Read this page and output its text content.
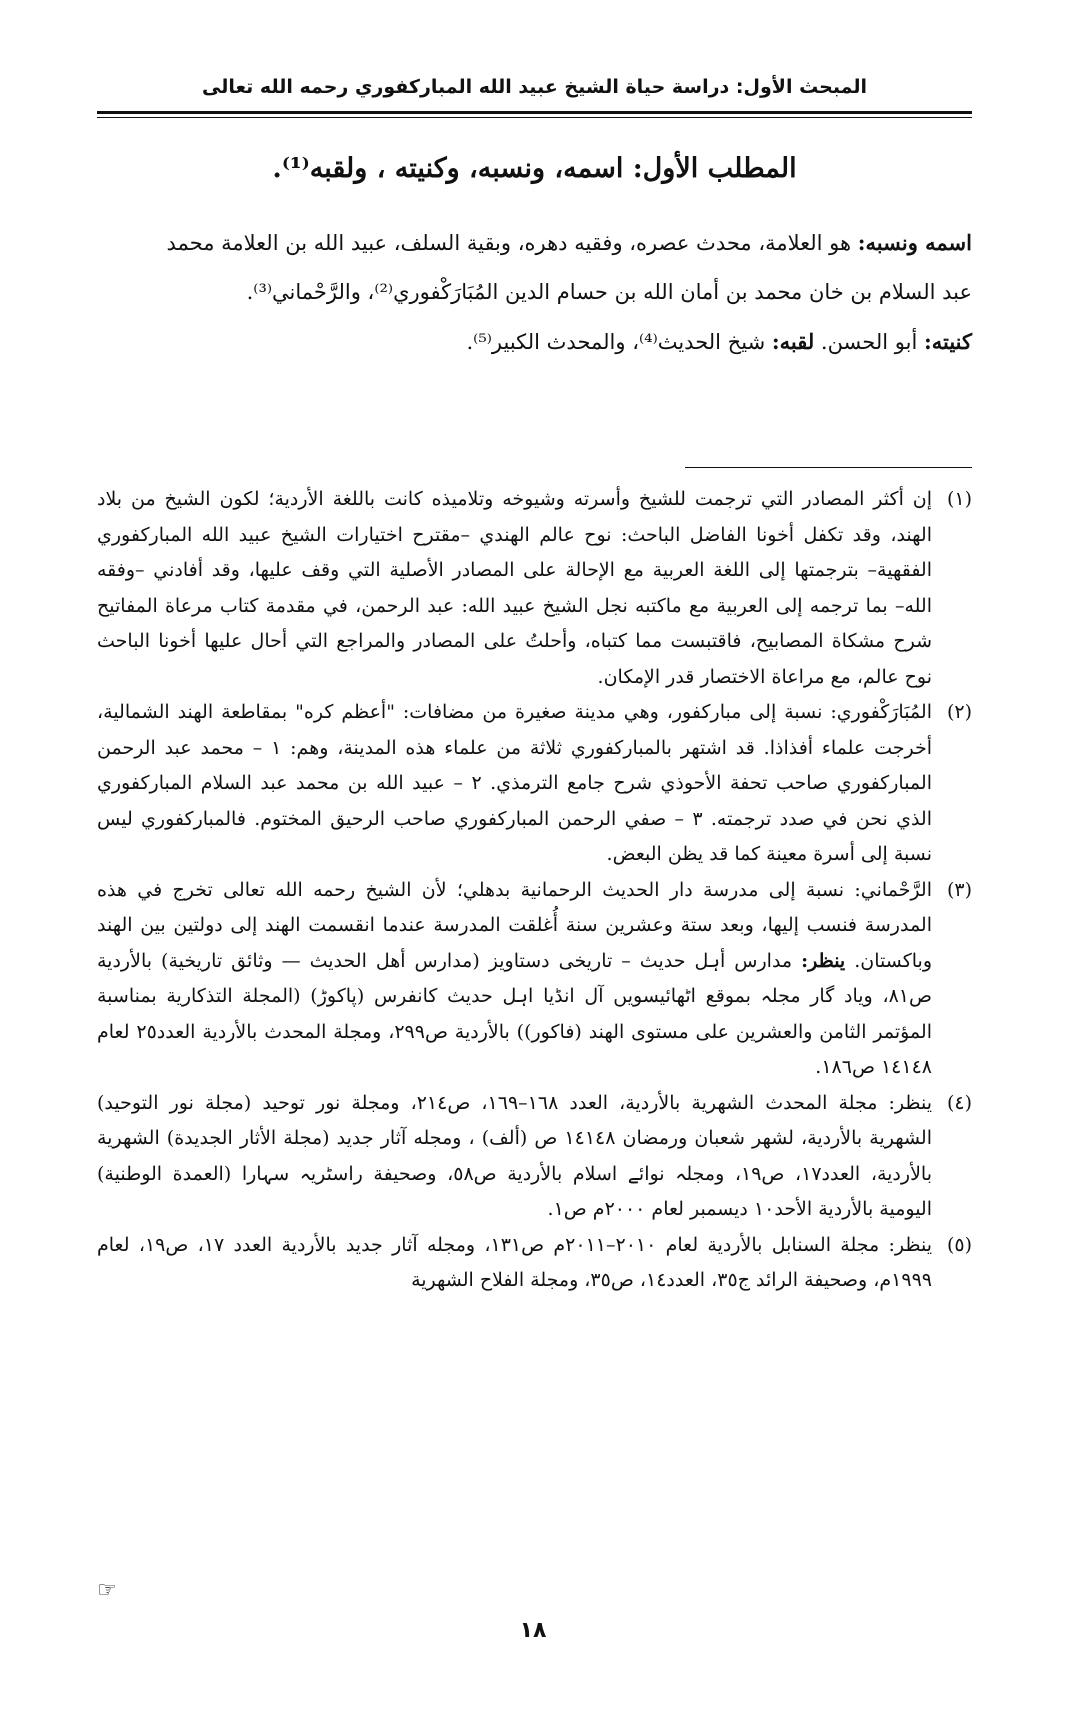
المبحث الأول: دراسة حياة الشيخ عبيد الله المباركفوري رحمه الله تعالى
المطلب الأول: اسمه، ونسبه، وكنيته ، ولقبه⁽¹⁾.

اسمه ونسبه: هو العلامة، محدث عصره، وفقيه دهره، وبقية السلف، عبيد الله بن العلامة محمد

عبد السلام بن خان محمد بن أمان الله بن حسام الدين المُبَارَكْفوري⁽²⁾، والرَّحْماني⁽³⁾.

كنيته: أبو الحسن. لقبه: شيخ الحديث⁽⁴⁾، والمحدث الكبير⁽⁵⁾.

(١)
إن أكثر المصادر التي ترجمت للشيخ وأسرته وشيوخه وتلاميذه كانت باللغة الأردية؛ لكون الشيخ من بلاد الهند، وقد تكفل أخونا الفاضل الباحث: نوح عالم الهندي –مقترح اختيارات الشيخ عبيد الله المباركفوري الفقهية– بترجمتها إلى اللغة العربية مع الإحالة على المصادر الأصلية التي وقف عليها، وقد أفادني –وفقه الله– بما ترجمه إلى العربية مع ماكتبه نجل الشيخ عبيد الله: عبد الرحمن، في مقدمة كتاب مرعاة المفاتيح شرح مشكاة المصابيح، فاقتبست مما كتباه، وأحلتُ على المصادر والمراجع التي أحال عليها أخونا الباحث نوح عالم، مع مراعاة الاختصار قدر الإمكان.
(٢)
المُبَارَكْفوري: نسبة إلى مباركفور، وهي مدينة صغيرة من مضافات: "أعظم كره" بمقاطعة الهند الشمالية، أخرجت علماء أفذاذا. قد اشتهر بالمباركفوري ثلاثة من علماء هذه المدينة، وهم: ١ – محمد عبد الرحمن المباركفوري صاحب تحفة الأحوذي شرح جامع الترمذي. ٢ – عبيد الله بن محمد عبد السلام المباركفوري الذي نحن في صدد ترجمته. ٣ – صفي الرحمن المباركفوري صاحب الرحيق المختوم. فالمباركفوري ليس نسبة إلى أسرة معينة كما قد يظن البعض.
(٣)
الرَّحْماني: نسبة إلى مدرسة دار الحديث الرحمانية بدهلي؛ لأن الشيخ رحمه الله تعالى تخرج في هذه المدرسة فنسب إليها، وبعد ستة وعشرين سنة أُغلقت المدرسة عندما انقسمت الهند إلى دولتين بين الهند وباكستان. ينظر: مدارس أہل حدیث – تاریخی دستاویز (مدارس أهل الحديث — وثائق تاريخية) بالأردية ص٨١، ویاد گار مجلہ بموقع اٹھائیسویں آل انڈیا اہل حدیث کانفرس (پاکوڑ) (المجلة التذكارية بمناسبة المؤتمر الثامن والعشرين على مستوى الهند (فاكور)) بالأردية ص٢٩٩، ومجلة المحدث بالأردية العدد٢٥ لعام ١٤١٤٨ ص١٨٦.
(٤)
ينظر: مجلة المحدث الشهرية بالأردية، العدد ١٦٨–١٦٩، ص٢١٤، ومجلة نور توحيد (مجلة نور التوحيد) الشهرية بالأردية، لشهر شعبان ورمضان ١٤١٤٨ ص (ألف) ، ومجله آثار جديد (مجلة الأثار الجديدة) الشهرية بالأردية، العدد١٧، ص١٩، ومجلہ نوائے اسلام بالأردية ص٥٨، وصحيفة راسٹریہ سہارا (العمدة الوطنية) اليومية بالأردية الأحد١٠ ديسمبر لعام ٢٠٠٠م ص١.
(٥)
ينظر: مجلة السنابل بالأردية لعام ٢٠١٠–٢٠١١م ص١٣١، ومجله آثار جديد بالأردية العدد ١٧، ص١٩، لعام ١٩٩٩م، وصحيفة الرائد ج٣٥، العدد١٤، ص٣٥، ومجلة الفلاح الشهرية
☞
١٨
